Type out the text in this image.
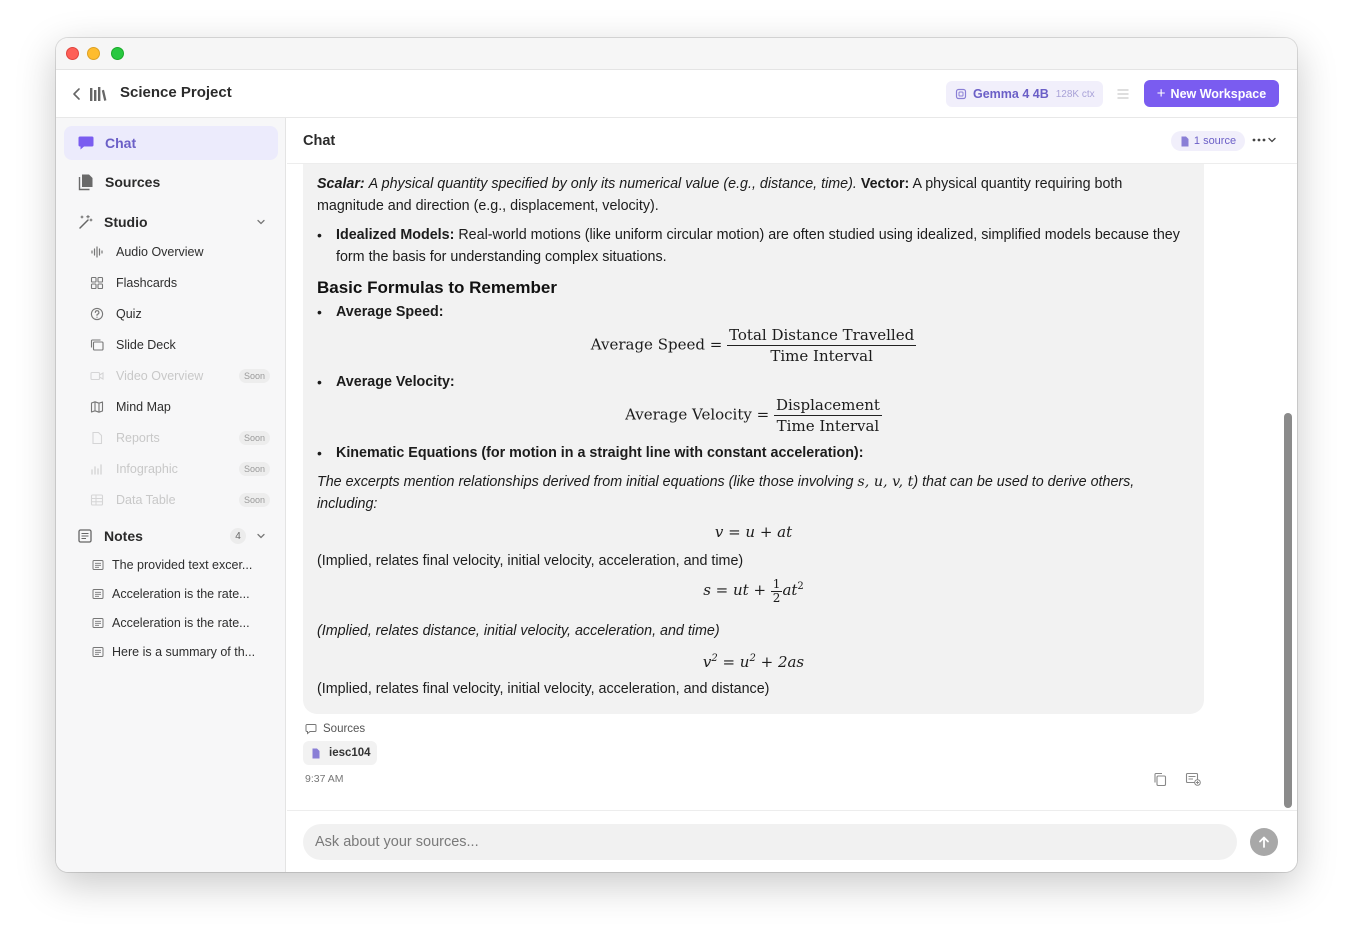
Science Project	Gemma 4 4B 128K ctx	+ New Workspace
Chat
Sources
Studio
Audio Overview
Flashcards
Quiz
Slide Deck
Video Overview	Soon
Mind Map
Reports	Soon
Infographic	Soon
Data Table	Soon
Notes	4
The provided text excer...
Acceleration is the rate...
Acceleration is the rate...
Here is a summary of th...
Chat	1 source
Scalar: A physical quantity specified by only its numerical value (e.g., distance, time). Vector: A physical quantity requiring both magnitude and direction (e.g., displacement, velocity).
• Idealized Models: Real-world motions (like uniform circular motion) are often studied using idealized, simplified models because they form the basis for understanding complex situations.
Basic Formulas to Remember
• Average Speed:
Average Speed = $\frac{\text{Total Distance Travelled}}{\text{Time Interval}}$
• Average Velocity:
Average Velocity = $\frac{\text{Displacement}}{\text{Time Interval}}$
• Kinematic Equations (for motion in a straight line with constant acceleration):
The excerpts mention relationships derived from initial equations (like those involving s, u, v, t) that can be used to derive others, including:
v = u + at
(Implied, relates final velocity, initial velocity, acceleration, and time)
s = ut + $\frac{1}{2} at^2$
(Implied, relates distance, initial velocity, acceleration, and time)
$v^2 = u^2 + 2as$
(Implied, relates final velocity, initial velocity, acceleration, and distance)
Sources
iesc104
9:37 AM
Ask about your sources...
